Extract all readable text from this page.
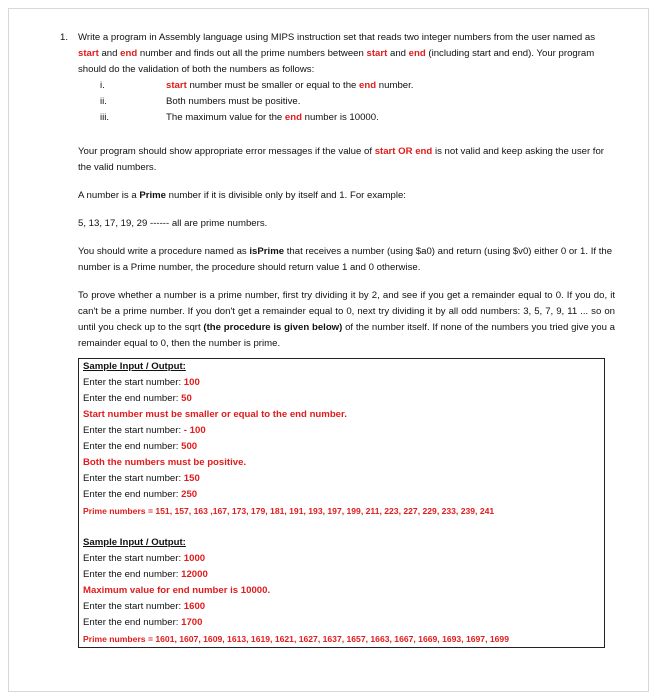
1. Write a program in Assembly language using MIPS instruction set that reads two integer numbers from the user named as start and end number and finds out all the prime numbers between start and end (including start and end). Your program should do the validation of both the numbers as follows:
i.	start number must be smaller or equal to the end number.
ii.	Both numbers must be positive.
iii.	The maximum value for the end number is 10000.
Your program should show appropriate error messages if the value of start OR end is not valid and keep asking the user for the valid numbers.
A number is a Prime number if it is divisible only by itself and 1. For example:
5, 13, 17, 19, 29 ------ all are prime numbers.
You should write a procedure named as isPrime that receives a number (using $a0) and return (using $v0) either 0 or 1. If the number is a Prime number, the procedure should return value 1 and 0 otherwise.
To prove whether a number is a prime number, first try dividing it by 2, and see if you get a remainder equal to 0. If you do, it can't be a prime number. If you don't get a remainder equal to 0, next try dividing it by all odd numbers: 3, 5, 7, 9, 11 ... so on until you check up to the sqrt (the procedure is given below) of the number itself. If none of the numbers you tried give you a remainder equal to 0, then the number is prime.
Sample Input / Output:
Enter the start number: 100
Enter the end number: 50
Start number must be smaller or equal to the end number.
Enter the start number: - 100
Enter the end number: 500
Both the numbers must be positive.
Enter the start number: 150
Enter the end number: 250
Prime numbers = 151, 157, 163 ,167, 173, 179, 181, 191, 193, 197, 199, 211, 223, 227, 229, 233, 239, 241
Sample Input / Output:
Enter the start number: 1000
Enter the end number: 12000
Maximum value for end number is 10000.
Enter the start number: 1600
Enter the end number: 1700
Prime numbers = 1601, 1607, 1609, 1613, 1619, 1621, 1627, 1637, 1657, 1663, 1667, 1669, 1693, 1697, 1699
